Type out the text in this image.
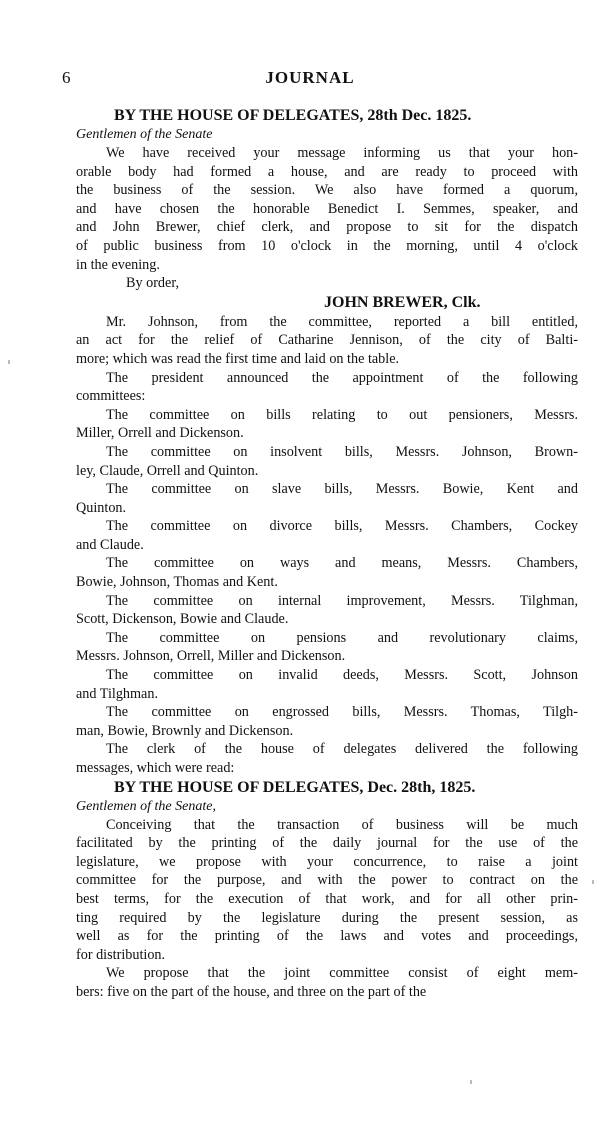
6	JOURNAL
BY THE HOUSE OF DELEGATES, 28th Dec. 1825.
Gentlemen of the Senate
We have received your message informing us that your hon-
orable body had formed a house, and are ready to proceed with
the business of the session. We also have formed a quorum,
and have chosen the honorable Benedict I. Semmes, speaker, and
and John Brewer, chief clerk, and propose to sit for the dispatch
of public business from 10 o'clock in the morning, until 4 o'clock
in the evening.
By order,
JOHN BREWER, Clk.
Mr. Johnson, from the committee, reported a bill entitled,
an act for the relief of Catharine Jennison, of the city of Balti-
more; which was read the first time and laid on the table.
The president announced the appointment of the following
committees:
The committee on bills relating to out pensioners, Messrs.
Miller, Orrell and Dickenson.
The committee on insolvent bills, Messrs. Johnson, Brown-
ley, Claude, Orrell and Quinton.
The committee on slave bills, Messrs. Bowie, Kent and
Quinton.
The committee on divorce bills, Messrs. Chambers, Cockey
and Claude.
The committee on ways and means, Messrs. Chambers,
Bowie, Johnson, Thomas and Kent.
The committee on internal improvement, Messrs. Tilghman,
Scott, Dickenson, Bowie and Claude.
The committee on pensions and revolutionary claims,
Messrs. Johnson, Orrell, Miller and Dickenson.
The committee on invalid deeds, Messrs. Scott, Johnson
and Tilghman.
The committee on engrossed bills, Messrs. Thomas, Tilgh-
man, Bowie, Brownly and Dickenson.
The clerk of the house of delegates delivered the following
messages, which were read:
BY THE HOUSE OF DELEGATES, Dec. 28th, 1825.
Gentlemen of the Senate,
Conceiving that the transaction of business will be much
facilitated by the printing of the daily journal for the use of the
legislature, we propose with your concurrence, to raise a joint
committee for the purpose, and with the power to contract on the
best terms, for the execution of that work, and for all other prin-
ting required by the legislature during the present session, as
well as for the printing of the laws and votes and proceedings,
for distribution.
We propose that the joint committee consist of eight mem-
bers: five on the part of the house, and three on the part of the
